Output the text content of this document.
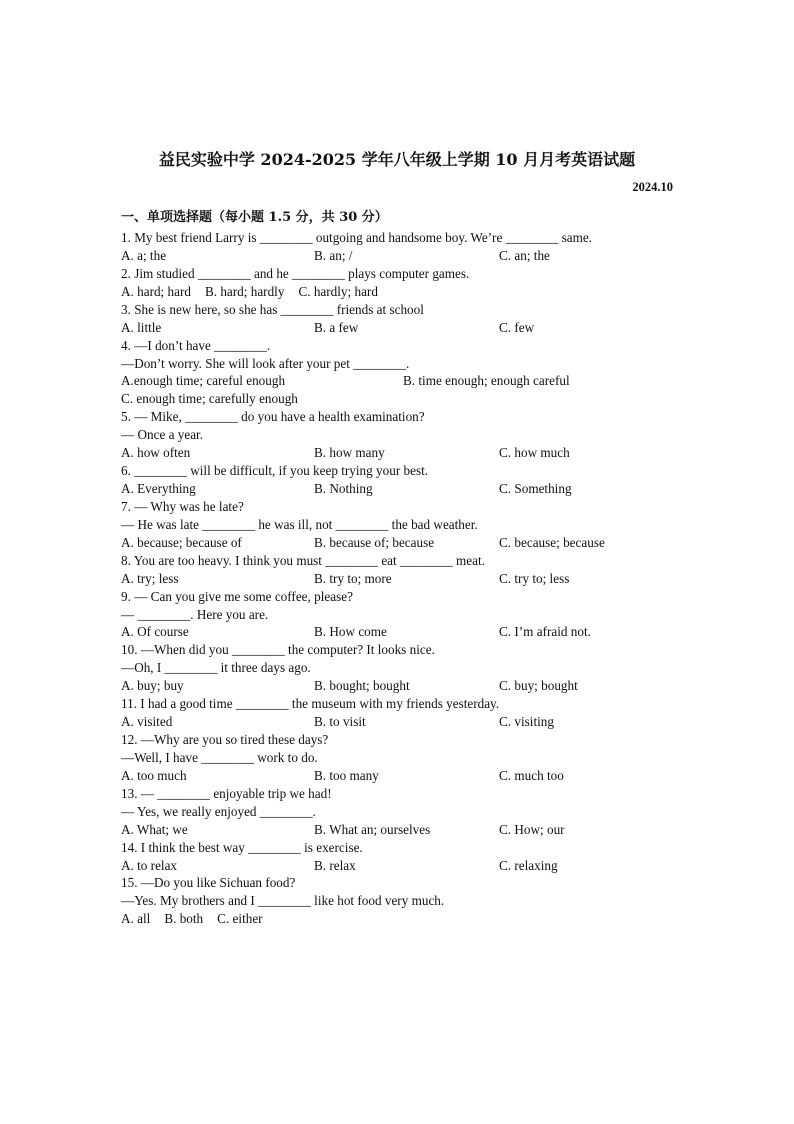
益民实验中学 2024-2025 学年八年级上学期 10 月月考英语试题
2024.10
一、单项选择题（每小题 1.5 分，共 30 分）
1. My best friend Larry is ________ outgoing and handsome boy. We’re ________ same.
A. a; the	B. an; /	C. an; the
2. Jim studied ________ and he ________ plays computer games.
A. hard; hard B. hard; hardly C. hardly; hard
3. She is new here, so she has ________ friends at school
A. little	B. a few	C. few
4. —I don’t have ________.
—Don’t worry. She will look after your pet ________.
A.enough time; careful enough	B. time enough; enough careful
C. enough time; carefully enough
5. — Mike, ________ do you have a health examination?
— Once a year.
A. how often	B. how many	C. how much
6. ________ will be difficult, if you keep trying your best.
A. Everything	B. Nothing	C. Something
7. — Why was he late?
— He was late ________ he was ill, not ________ the bad weather.
A. because; because of	B. because of; because	C. because; because
8. You are too heavy. I think you must ________ eat ________ meat.
A. try; less	B. try to; more	C. try to; less
9. — Can you give me some coffee, please?
— ________. Here you are.
A. Of course	B. How come	C. I’m afraid not.
10. —When did you ________ the computer? It looks nice.
—Oh, I ________ it three days ago.
A. buy; buy	B. bought; bought	C. buy; bought
11. I had a good time ________ the museum with my friends yesterday.
A. visited	B. to visit	C. visiting
12. —Why are you so tired these days?
—Well, I have ________ work to do.
A. too much	B. too many	C. much too
13. — ________ enjoyable trip we had!
— Yes, we really enjoyed ________.
A. What; we	B. What an; ourselves	C. How; our
14. I think the best way ________ is exercise.
A. to relax	B. relax	C. relaxing
15. —Do you like Sichuan food?
—Yes. My brothers and I ________ like hot food very much.
A. all B. both C. either
